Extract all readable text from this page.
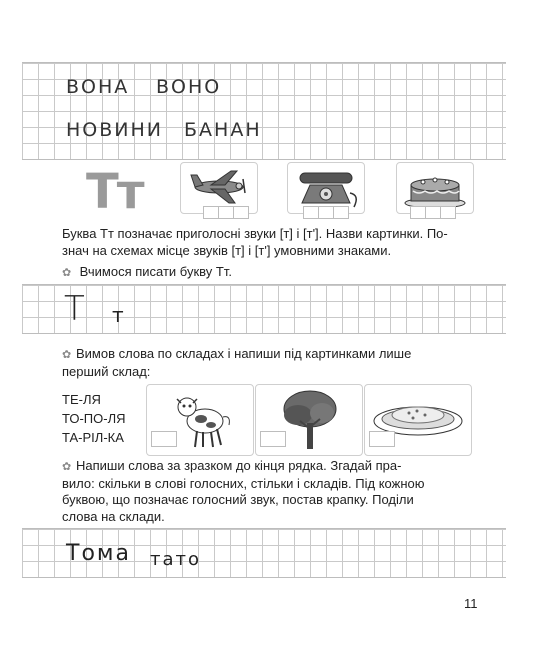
ВОНА ВОНО
НОВИНИ БАНАН
Тт
Буква Тт позначає приголосні звуки [т] і [т']. Назви картинки. По-
знач на схемах місце звуків [т] і [т'] умовними знаками.
✿ Вчимося писати букву Тт.
Т т
✿ Вимов слова по складах і напиши під картинками лише
перший склад:
ТЕ-ЛЯ
ТО-ПО-ЛЯ
ТА-РІЛ-КА
✿ Напиши слова за зразком до кінця рядка. Згадай пра-
вило: скільки в слові голосних, стільки і складів. Під кожною
буквою, що позначає голосний звук, постав крапку. Поділи
слова на склади.
Тома тато
11
